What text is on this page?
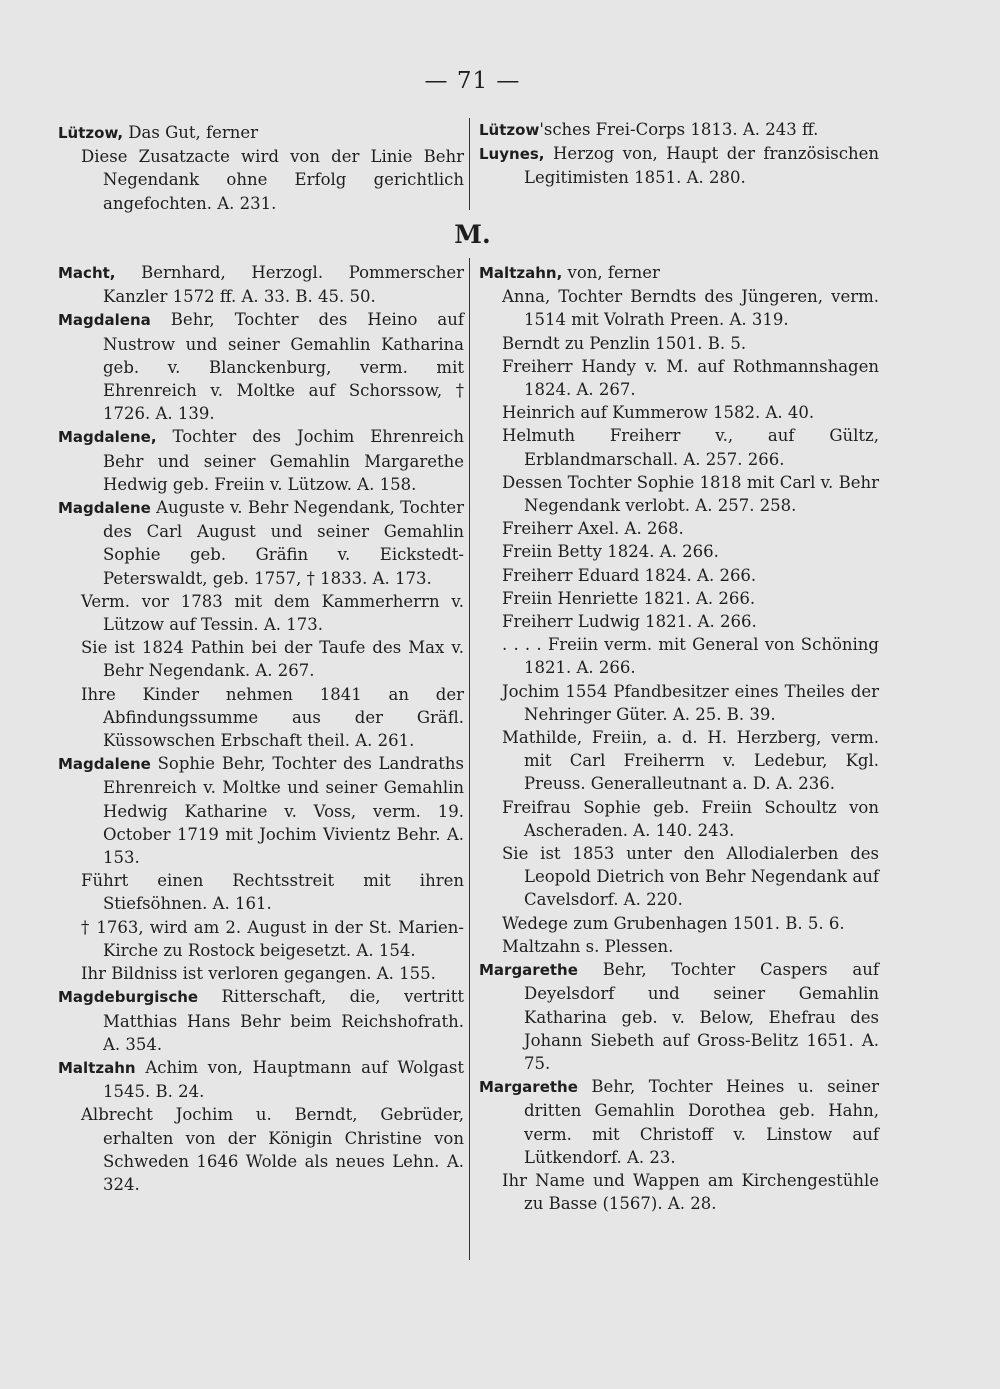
— 71 —
M.

Lützow, Das Gut, ferner

Diese Zusatzacte wird von der Linie Behr Negendank ohne Erfolg gerichtlich angefochten. A. 231.

Lützow'sches Frei-Corps 1813. A. 243 ff.

Luynes, Herzog von, Haupt der französischen Legitimisten 1851. A. 280.

Macht, Bernhard, Herzogl. Pommerscher Kanzler 1572 ff. A. 33. B. 45. 50.

Magdalena Behr, Tochter des Heino auf Nustrow und seiner Gemahlin Katharina geb. v. Blanckenburg, verm. mit Ehrenreich v. Moltke auf Schorssow, † 1726. A. 139.

Magdalene, Tochter des Jochim Ehrenreich Behr und seiner Gemahlin Margarethe Hedwig geb. Freiin v. Lützow. A. 158.

Magdalene Auguste v. Behr Negendank, Tochter des Carl August und seiner Gemahlin Sophie geb. Gräfin v. Eickstedt-Peterswaldt, geb. 1757, † 1833. A. 173.

Verm. vor 1783 mit dem Kammerherrn v. Lützow auf Tessin. A. 173.

Sie ist 1824 Pathin bei der Taufe des Max v. Behr Negendank. A. 267.

Ihre Kinder nehmen 1841 an der Abfindungssumme aus der Gräfl. Küssowschen Erbschaft theil. A. 261.

Magdalene Sophie Behr, Tochter des Landraths Ehrenreich v. Moltke und seiner Gemahlin Hedwig Katharine v. Voss, verm. 19. October 1719 mit Jochim Vivientz Behr. A. 153.

Führt einen Rechtsstreit mit ihren Stiefsöhnen. A. 161.

† 1763, wird am 2. August in der St. Marien-Kirche zu Rostock beigesetzt. A. 154.

Ihr Bildniss ist verloren gegangen. A. 155.

Magdeburgische Ritterschaft, die, vertritt Matthias Hans Behr beim Reichshofrath. A. 354.

Maltzahn Achim von, Hauptmann auf Wolgast 1545. B. 24.

Albrecht Jochim u. Berndt, Gebrüder, erhalten von der Königin Christine von Schweden 1646 Wolde als neues Lehn. A. 324.

Maltzahn, von, ferner

Anna, Tochter Berndts des Jüngeren, verm. 1514 mit Volrath Preen. A. 319.

Berndt zu Penzlin 1501. B. 5.

Freiherr Handy v. M. auf Rothmannshagen 1824. A. 267.

Heinrich auf Kummerow 1582. A. 40.

Helmuth Freiherr v., auf Gültz, Erblandmarschall. A. 257. 266.

Dessen Tochter Sophie 1818 mit Carl v. Behr Negendank verlobt. A. 257. 258.

Freiherr Axel. A. 268.

Freiin Betty 1824. A. 266.

Freiherr Eduard 1824. A. 266.

Freiin Henriette 1821. A. 266.

Freiherr Ludwig 1821. A. 266.

. . . . Freiin verm. mit General von Schöning 1821. A. 266.

Jochim 1554 Pfandbesitzer eines Theiles der Nehringer Güter. A. 25. B. 39.

Mathilde, Freiin, a. d. H. Herzberg, verm. mit Carl Freiherrn v. Ledebur, Kgl. Preuss. Generalleutnant a. D. A. 236.

Freifrau Sophie geb. Freiin Schoultz von Ascheraden. A. 140. 243.

Sie ist 1853 unter den Allodialerben des Leopold Dietrich von Behr Negendank auf Cavelsdorf. A. 220.

Wedege zum Grubenhagen 1501. B. 5. 6.

Maltzahn s. Plessen.

Margarethe Behr, Tochter Caspers auf Deyelsdorf und seiner Gemahlin Katharina geb. v. Below, Ehefrau des Johann Siebeth auf Gross-Belitz 1651. A. 75.

Margarethe Behr, Tochter Heines u. seiner dritten Gemahlin Dorothea geb. Hahn, verm. mit Christoff v. Linstow auf Lütkendorf. A. 23.

Ihr Name und Wappen am Kirchengestühle zu Basse (1567). A. 28.
